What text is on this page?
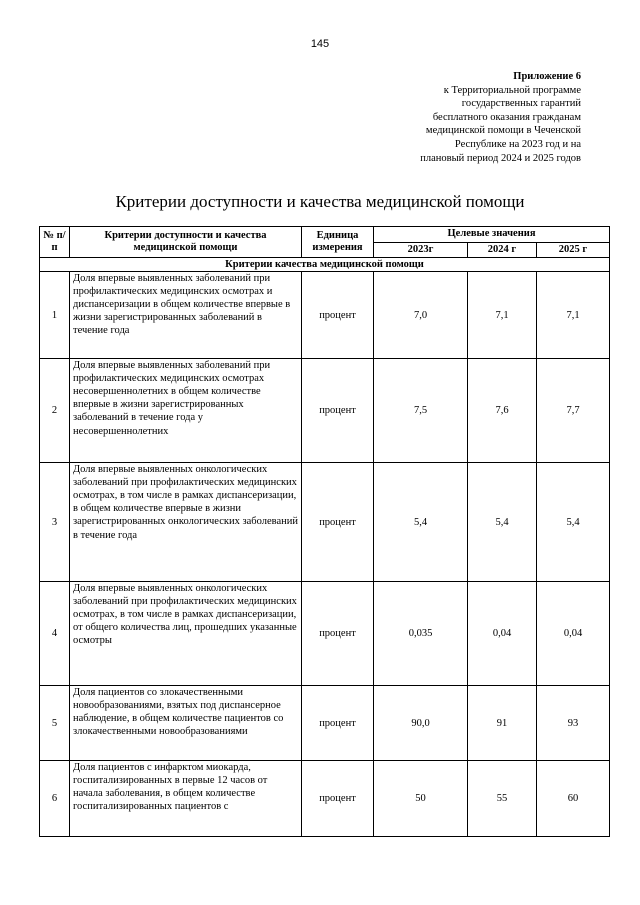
145
Приложение 6
к Территориальной программе
государственных гарантий
бесплатного оказания гражданам
медицинской помощи в Чеченской
Республике на 2023 год и на
плановый период 2024 и 2025 годов
Критерии доступности и качества медицинской помощи
№ п/п	Критерии доступности и качества медицинской помощи	Единица измерения	Целевые значения		
			2023г	2024 г	2025 г
Критерии качества медицинской помощи					
1	Доля впервые выявленных заболеваний при профилактических медицинских осмотрах и диспансеризации в общем количестве впервые в жизни зарегистрированных заболеваний в течение года	процент	7,0	7,1	7,1
2	Доля впервые выявленных заболеваний при профилактических медицинских осмотрах несовершеннолетних в общем количестве впервые в жизни зарегистрированных заболеваний в течение года у несовершеннолетних	процент	7,5	7,6	7,7
3	Доля впервые выявленных онкологических заболеваний при профилактических медицинских осмотрах, в том числе в рамках диспансеризации, в общем количестве впервые в жизни зарегистрированных онкологических заболеваний в течение года	процент	5,4	5,4	5,4
4	Доля впервые выявленных онкологических заболеваний при профилактических медицинских осмотрах, в том числе в рамках диспансеризации, от общего количества лиц, прошедших указанные осмотры	процент	0,035	0,04	0,04
5	Доля пациентов со злокачественными новообразованиями, взятых под диспансерное наблюдение, в общем количестве пациентов со злокачественными новообразованиями	процент	90,0	91	93
6	Доля пациентов с инфарктом миокарда, госпитализированных в первые 12 часов от начала заболевания, в общем количестве госпитализированных пациентов с	процент	50	55	60
